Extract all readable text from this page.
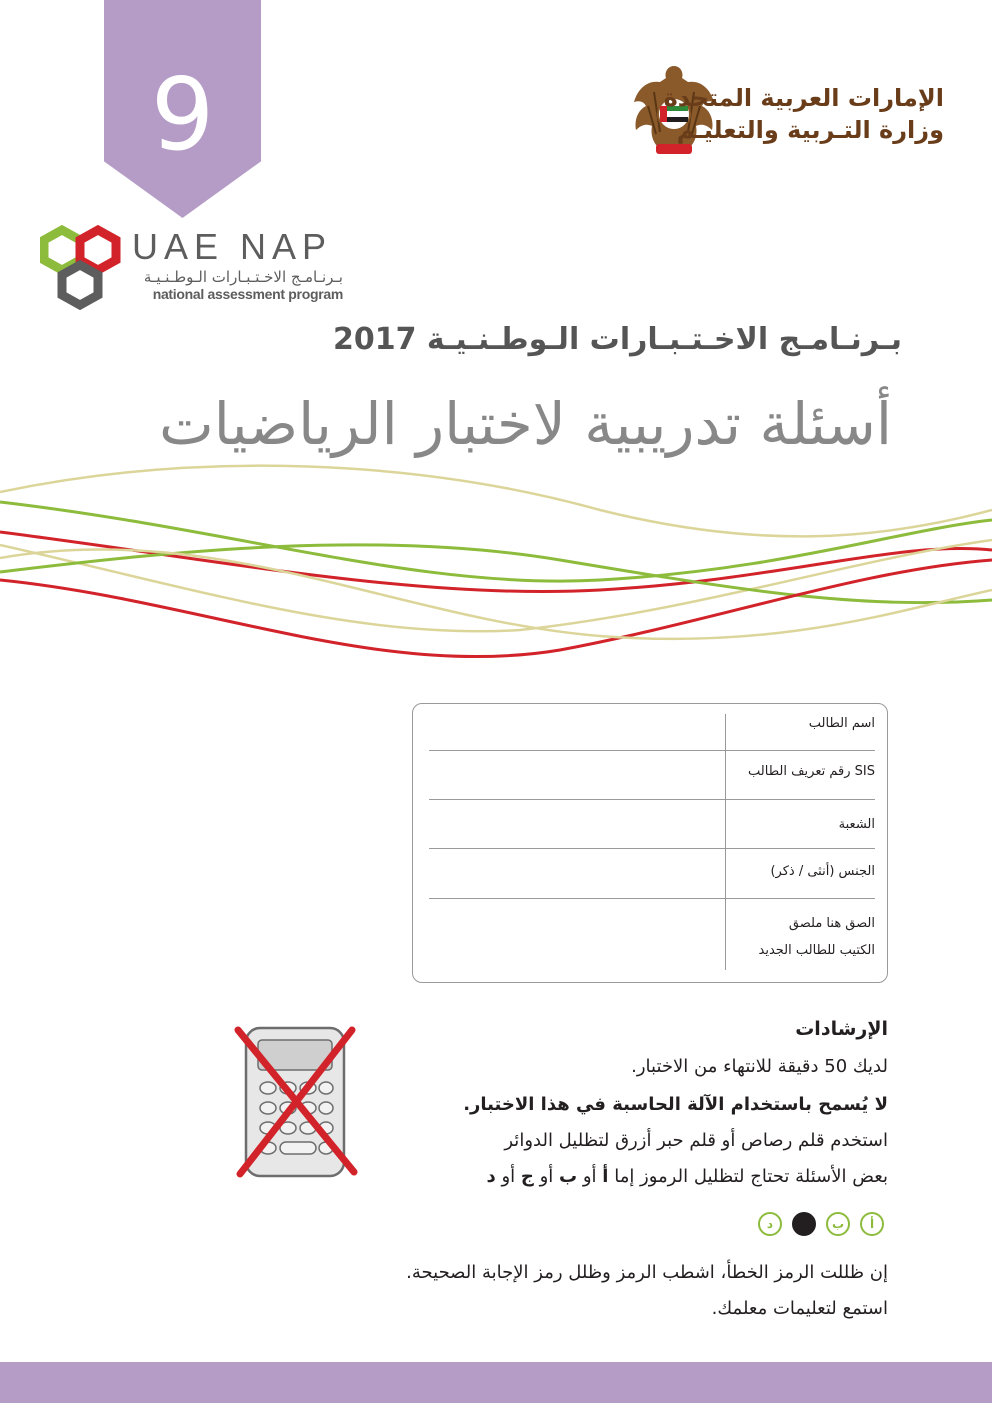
9	الإمارات العربية المتحدة
وزارة التـربية والتعليـم
UAE NAP
بـرنـامـج الاخـتـبـارات الـوطـنـيـة
national assessment program
بـرنـامـج الاخـتـبـارات الـوطـنـيـة 2017
أسئلة تدريبية لاختبار الرياضيات
اسم الطالب
SIS رقم تعريف الطالب
الشعبة
الجنس (أنثى / ذكر)
الصق هنا ملصق
الكتيب للطالب الجديد
الإرشادات
لديك 50 دقيقة للانتهاء من الاختبار.
لا يُسمح باستخدام الآلة الحاسبة في هذا الاختبار.
استخدم قلم رصاص أو قلم حبر أزرق لتظليل الدوائر
بعض الأسئلة تحتاج لتظليل الرموز إما أ أو ب أو ج أو د
د	ب	أ
إن ظللت الرمز الخطأ، اشطب الرمز وظلل رمز الإجابة الصحيحة.
استمع لتعليمات معلمك.
